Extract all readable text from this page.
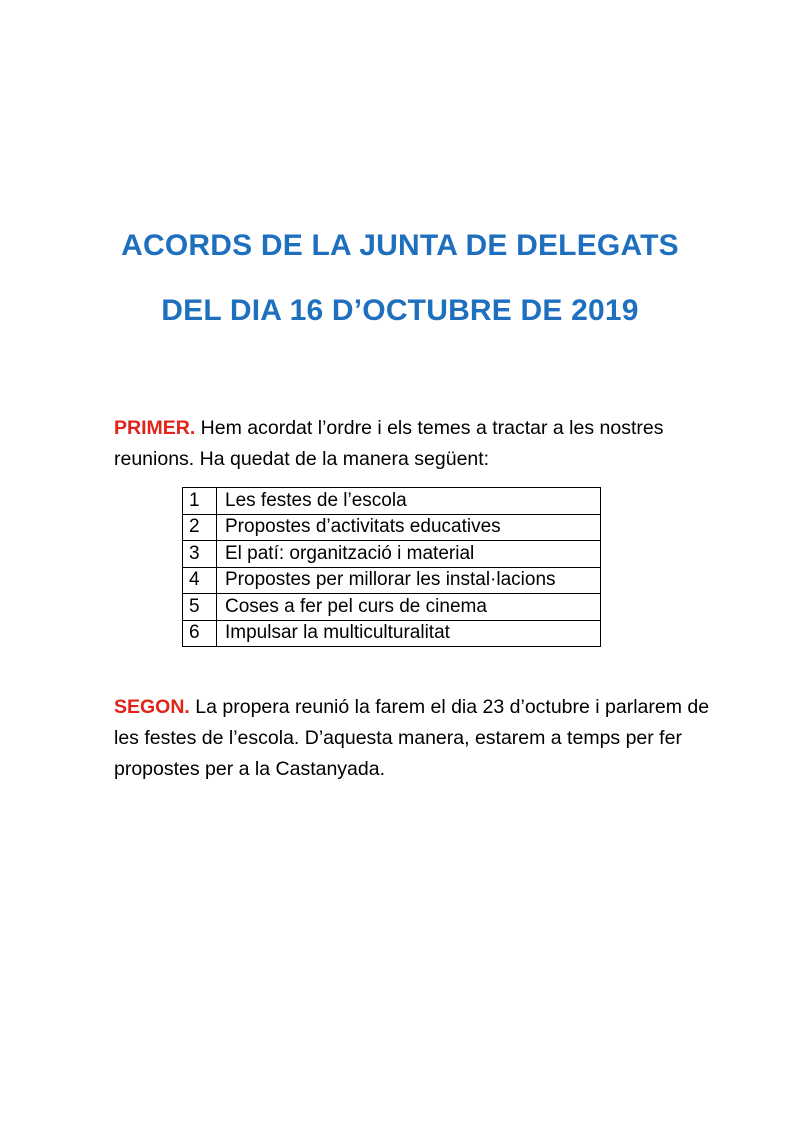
ACORDS DE LA JUNTA DE DELEGATS
DEL DIA 16 D’OCTUBRE DE 2019

PRIMER. Hem acordat l’ordre i els temes a tractar a les nostres reunions. Ha quedat de la manera següent:

1	Les festes de l’escola
2	Propostes d’activitats educatives
3	El patí: organització i material
4	Propostes per millorar les instal·lacions
5	Coses a fer pel curs de cinema
6	Impulsar la multiculturalitat

SEGON. La propera reunió la farem el dia 23 d’octubre i parlarem de les festes de l’escola. D’aquesta manera, estarem a temps per fer propostes per a la Castanyada.
